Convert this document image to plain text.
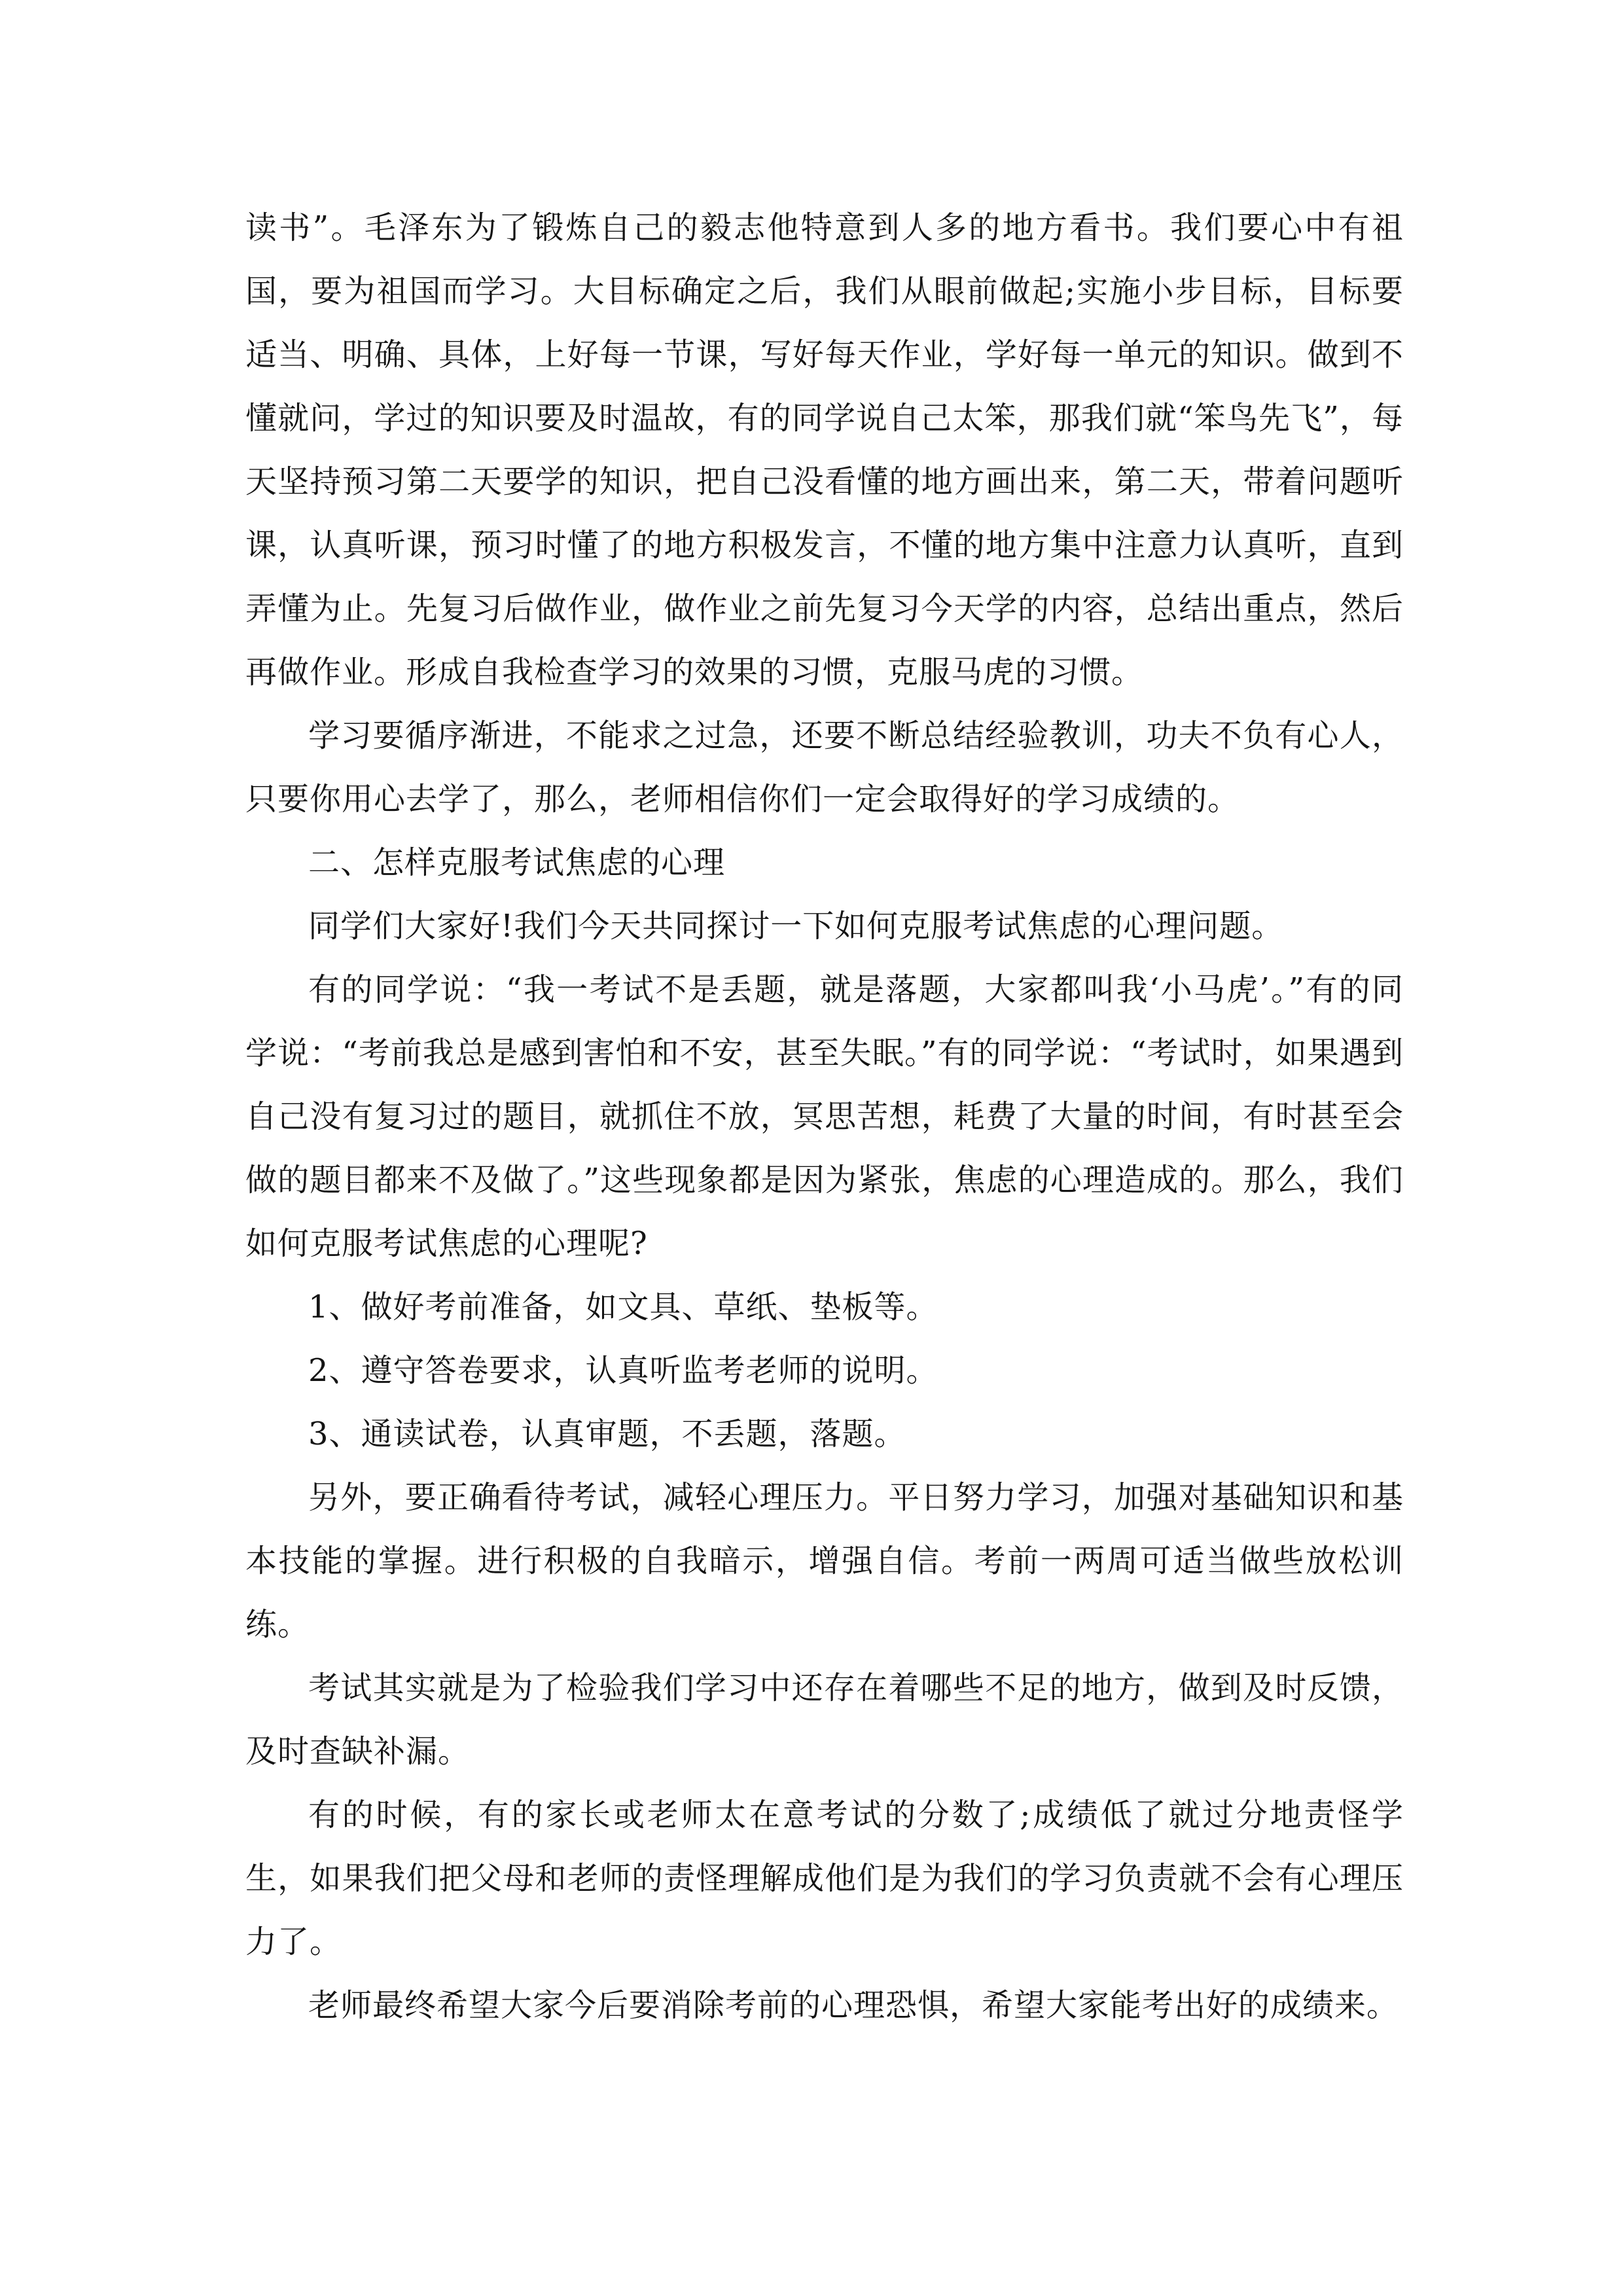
读书”。毛泽东为了锻炼自己的毅志他特意到人多的地方看书。我们要心中有祖国，要为祖国而学习。大目标确定之后，我们从眼前做起;实施小步目标，目标要适当、明确、具体，上好每一节课，写好每天作业，学好每一单元的知识。做到不懂就问，学过的知识要及时温故，有的同学说自己太笨，那我们就“笨鸟先飞”，每天坚持预习第二天要学的知识，把自己没看懂的地方画出来，第二天，带着问题听课，认真听课，预习时懂了的地方积极发言，不懂的地方集中注意力认真听，直到弄懂为止。先复习后做作业，做作业之前先复习今天学的内容，总结出重点，然后再做作业。形成自我检查学习的效果的习惯，克服马虎的习惯。

学习要循序渐进，不能求之过急，还要不断总结经验教训，功夫不负有心人，只要你用心去学了，那么，老师相信你们一定会取得好的学习成绩的。

二、怎样克服考试焦虑的心理

同学们大家好!我们今天共同探讨一下如何克服考试焦虑的心理问题。

有的同学说：“我一考试不是丢题，就是落题，大家都叫我‘小马虎’。”有的同学说：“考前我总是感到害怕和不安，甚至失眠。”有的同学说：“考试时，如果遇到自己没有复习过的题目，就抓住不放，冥思苦想，耗费了大量的时间，有时甚至会做的题目都来不及做了。”这些现象都是因为紧张，焦虑的心理造成的。那么，我们如何克服考试焦虑的心理呢?

1、做好考前准备，如文具、草纸、垫板等。

2、遵守答卷要求，认真听监考老师的说明。

3、通读试卷，认真审题，不丢题，落题。

另外，要正确看待考试，减轻心理压力。平日努力学习，加强对基础知识和基本技能的掌握。进行积极的自我暗示，增强自信。考前一两周可适当做些放松训练。

考试其实就是为了检验我们学习中还存在着哪些不足的地方，做到及时反馈，及时查缺补漏。

有的时候，有的家长或老师太在意考试的分数了;成绩低了就过分地责怪学生，如果我们把父母和老师的责怪理解成他们是为我们的学习负责就不会有心理压力了。

老师最终希望大家今后要消除考前的心理恐惧，希望大家能考出好的成绩来。
